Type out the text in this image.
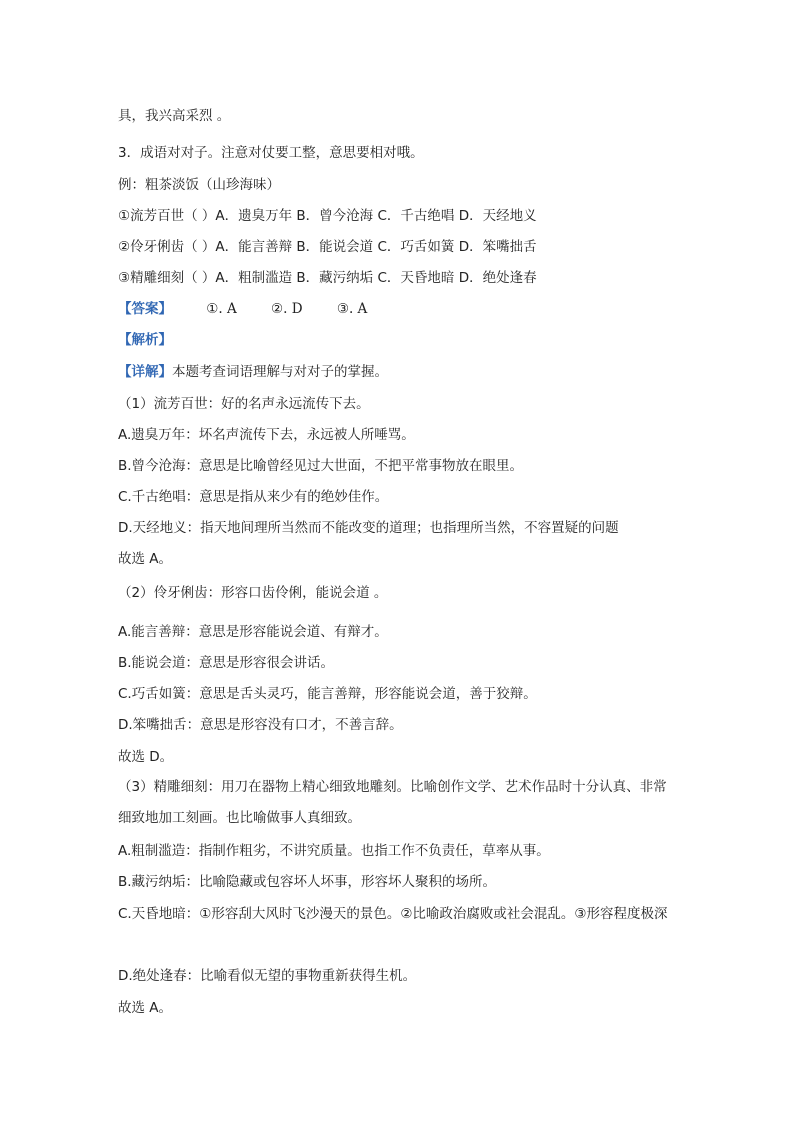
具，我兴高采烈 。
3．成语对对子。注意对仗要工整，意思要相对哦。
例：粗茶淡饭（山珍海味）
①流芳百世（ ）A．遗臭万年 B．曾今沧海 C．千古绝唱 D．天经地义
②伶牙俐齿（ ）A．能言善辩 B．能说会道 C．巧舌如簧 D．笨嘴拙舌
③精雕细刻（ ）A．粗制滥造 B．藏污纳垢 C．天昏地暗 D．绝处逢春
【答案】	①. A	②. D	③. A
【解析】
【详解】本题考查词语理解与对对子的掌握。
（1）流芳百世：好的名声永远流传下去。
A.遗臭万年：坏名声流传下去，永远被人所唾骂。
B.曾今沧海：意思是比喻曾经见过大世面，不把平常事物放在眼里。
C.千古绝唱：意思是指从来少有的绝妙佳作。
D.天经地义：指天地间理所当然而不能改变的道理；也指理所当然，不容置疑的问题
故选 A。
（2）伶牙俐齿：形容口齿伶俐，能说会道 。
A.能言善辩：意思是形容能说会道、有辩才。
B.能说会道：意思是形容很会讲话。
C.巧舌如簧：意思是舌头灵巧，能言善辩，形容能说会道，善于狡辩。
D.笨嘴拙舌：意思是形容没有口才，不善言辞。
故选 D。
（3）精雕细刻：用刀在器物上精心细致地雕刻。比喻创作文学、艺术作品时十分认真、非常细致地加工刻画。也比喻做事人真细致。
A.粗制滥造：指制作粗劣，不讲究质量。也指工作不负责任，草率从事。
B.藏污纳垢：比喻隐藏或包容坏人坏事，形容坏人聚积的场所。
C.天昏地暗：①形容刮大风时飞沙漫天的景色。②比喻政治腐败或社会混乱。③形容程度极深
D.绝处逢春：比喻看似无望的事物重新获得生机。
故选 A。
